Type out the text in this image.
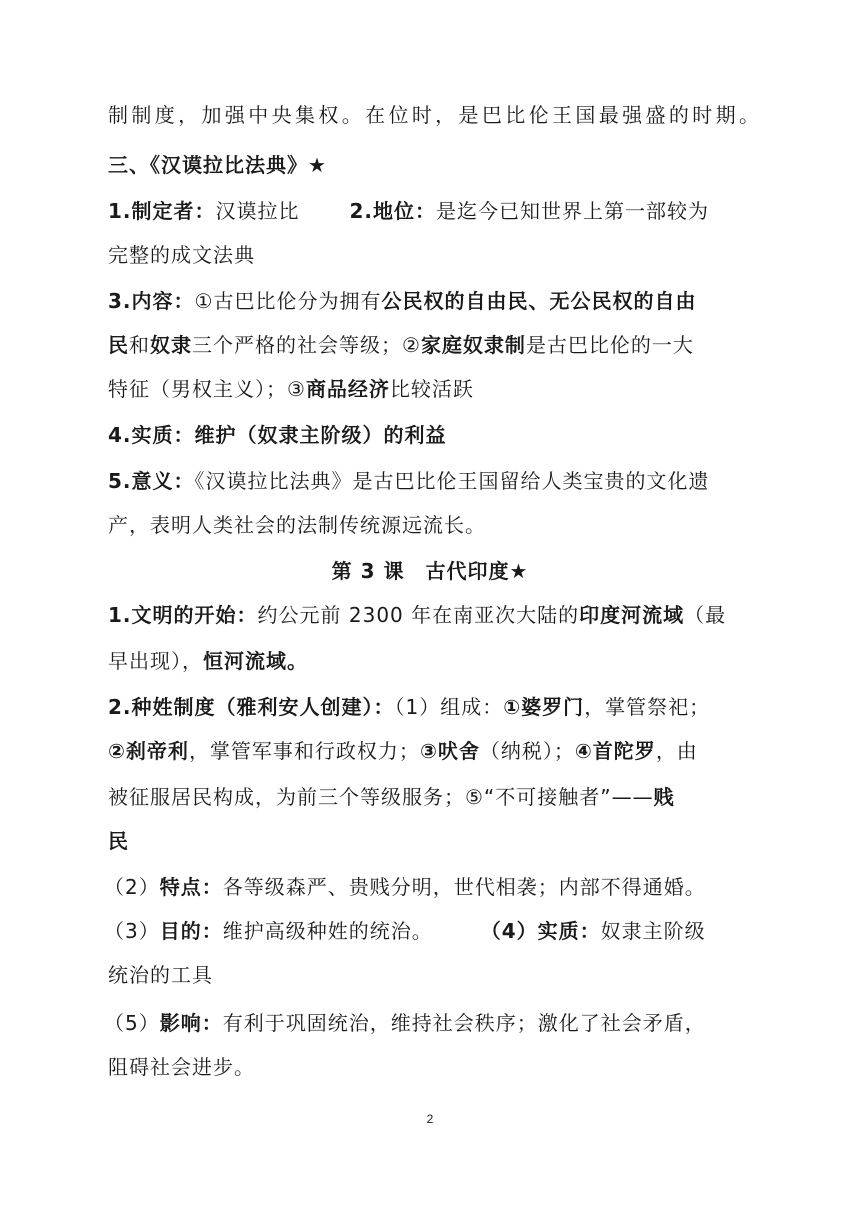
制制度，加强中央集权。在位时，是巴比伦王国最强盛的时期。
三、《汉谟拉比法典》★
1.制定者：汉谟拉比	2.地位：是迄今已知世界上第一部较为
完整的成文法典
3.内容：①古巴比伦分为拥有公民权的自由民、无公民权的自由
民和奴隶三个严格的社会等级；②家庭奴隶制是古巴比伦的一大
特征（男权主义）；③商品经济比较活跃
4.实质：维护（奴隶主阶级）的利益
5.意义：《汉谟拉比法典》是古巴比伦王国留给人类宝贵的文化遗
产，表明人类社会的法制传统源远流长。
第 3 课　古代印度★
1.文明的开始：约公元前 2300 年在南亚次大陆的印度河流域（最
早出现），恒河流域。
2.种姓制度（雅利安人创建）：（1）组成：①婆罗门，掌管祭祀；
②刹帝利，掌管军事和行政权力；③吠舍（纳税）；④首陀罗，由
被征服居民构成，为前三个等级服务；⑤“不可接触者”——贱
民
（2）特点：各等级森严、贵贱分明，世代相袭；内部不得通婚。
（3）目的：维护高级种姓的统治。 （4）实质：奴隶主阶级
统治的工具
（5）影响：有利于巩固统治，维持社会秩序；激化了社会矛盾，
阻碍社会进步。
2
